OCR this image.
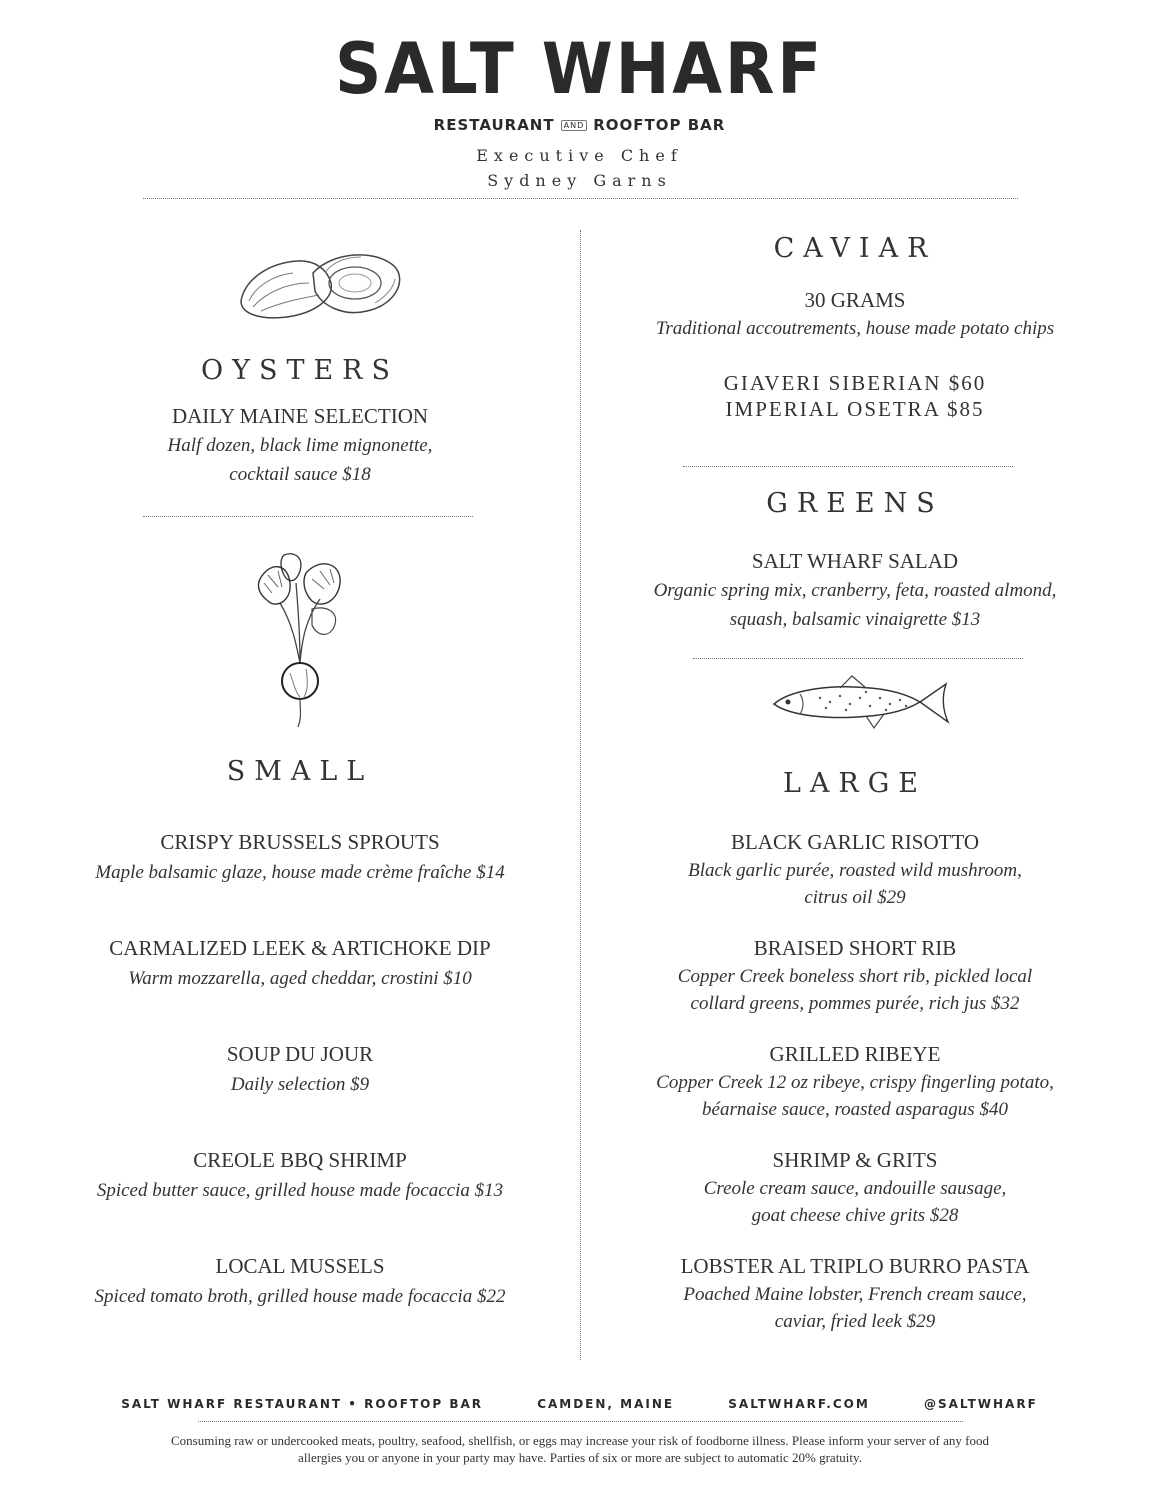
SALT WHARF
RESTAURANT AND ROOFTOP BAR
Executive Chef
Sydney Garns
OYSTERS
DAILY MAINE SELECTION
Half dozen, black lime mignonette,
cocktail sauce $18
SMALL
CRISPY BRUSSELS SPROUTS
Maple balsamic glaze, house made crème fraîche $14
CARMALIZED LEEK & ARTICHOKE DIP
Warm mozzarella, aged cheddar, crostini $10
SOUP DU JOUR
Daily selection $9
CREOLE BBQ SHRIMP
Spiced butter sauce, grilled house made focaccia $13
LOCAL MUSSELS
Spiced tomato broth, grilled house made focaccia $22
CAVIAR
30 GRAMS
Traditional accoutrements, house made potato chips
GIAVERI SIBERIAN $60
IMPERIAL OSETRA $85
GREENS
SALT WHARF SALAD
Organic spring mix, cranberry, feta, roasted almond,
squash, balsamic vinaigrette $13
LARGE
BLACK GARLIC RISOTTO
Black garlic purée, roasted wild mushroom,
citrus oil $29
BRAISED SHORT RIB
Copper Creek boneless short rib, pickled local
collard greens, pommes purée, rich jus $32
GRILLED RIBEYE
Copper Creek 12 oz ribeye, crispy fingerling potato,
béarnaise sauce, roasted asparagus $40
SHRIMP & GRITS
Creole cream sauce, andouille sausage,
goat cheese chive grits $28
LOBSTER AL TRIPLO BURRO PASTA
Poached Maine lobster, French cream sauce,
caviar, fried leek $29
SALT WHARF RESTAURANT • ROOFTOP BAR	CAMDEN, MAINE	SALTWHARF.COM	@SALTWHARF
Consuming raw or undercooked meats, poultry, seafood, shellfish, or eggs may increase your risk of foodborne illness. Please inform your server of any food
allergies you or anyone in your party may have. Parties of six or more are subject to automatic 20% gratuity.
